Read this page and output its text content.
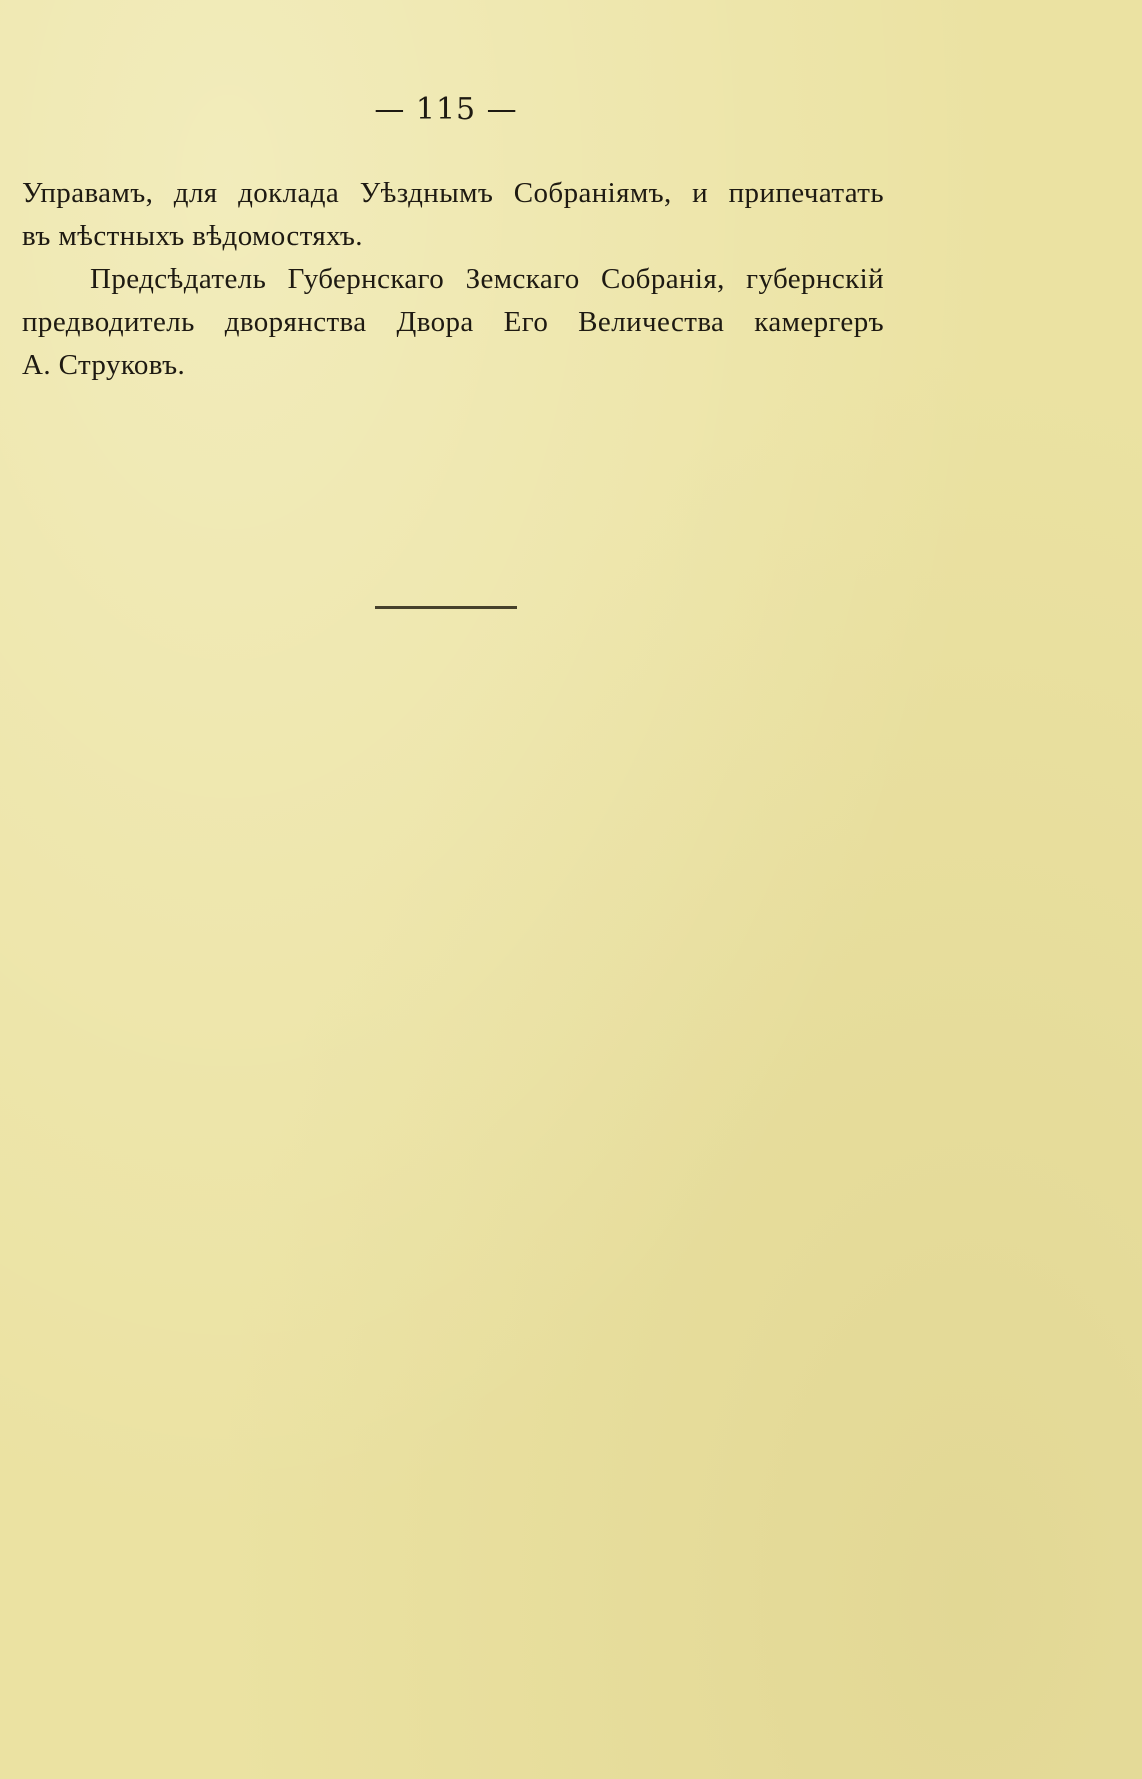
— 115 —

Управамъ, для доклада Уѣзднымъ Собраніямъ, и припечатать

въ мѣстныхъ вѣдомостяхъ.

Предсѣдатель Губернскаго Земскаго Собранія, губернскій

предводитель дворянства Двора Его Величества камергеръ

А. Струковъ.
